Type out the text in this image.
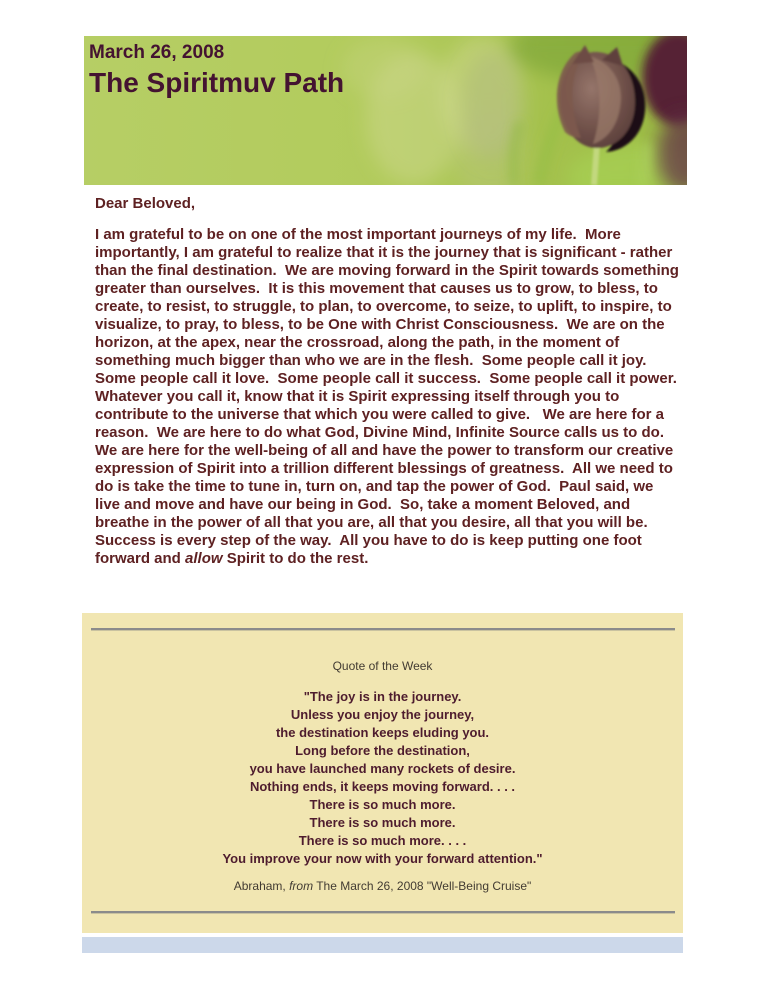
March 26, 2008
The Spiritmuv Path
Dear Beloved,
I am grateful to be on one of the most important journeys of my life.  More importantly, I am grateful to realize that it is the journey that is significant - rather than the final destination.  We are moving forward in the Spirit towards something greater than ourselves.  It is this movement that causes us to grow, to bless, to create, to resist, to struggle, to plan, to overcome, to seize, to uplift, to inspire, to visualize, to pray, to bless, to be One with Christ Consciousness.  We are on the horizon, at the apex, near the crossroad, along the path, in the moment of something much bigger than who we are in the flesh.  Some people call it joy.  Some people call it love.  Some people call it success.  Some people call it power.  Whatever you call it, know that it is Spirit expressing itself through you to contribute to the universe that which you were called to give.   We are here for a reason.  We are here to do what God, Divine Mind, Infinite Source calls us to do.   We are here for the well-being of all and have the power to transform our creative expression of Spirit into a trillion different blessings of greatness.  All we need to do is take the time to tune in, turn on, and tap the power of God.  Paul said, we live and move and have our being in God.  So, take a moment Beloved, and breathe in the power of all that you are, all that you desire, all that you will be.  Success is every step of the way.  All you have to do is keep putting one foot forward and allow Spirit to do the rest.
Quote of the Week
"The joy is in the journey.
Unless you enjoy the journey,
the destination keeps eluding you.
Long before the destination,
you have launched many rockets of desire.
Nothing ends, it keeps moving forward. . . .
There is so much more.
There is so much more.
There is so much more. . . .
You improve your now with your forward attention."
Abraham, from The March 26, 2008 "Well-Being Cruise"
